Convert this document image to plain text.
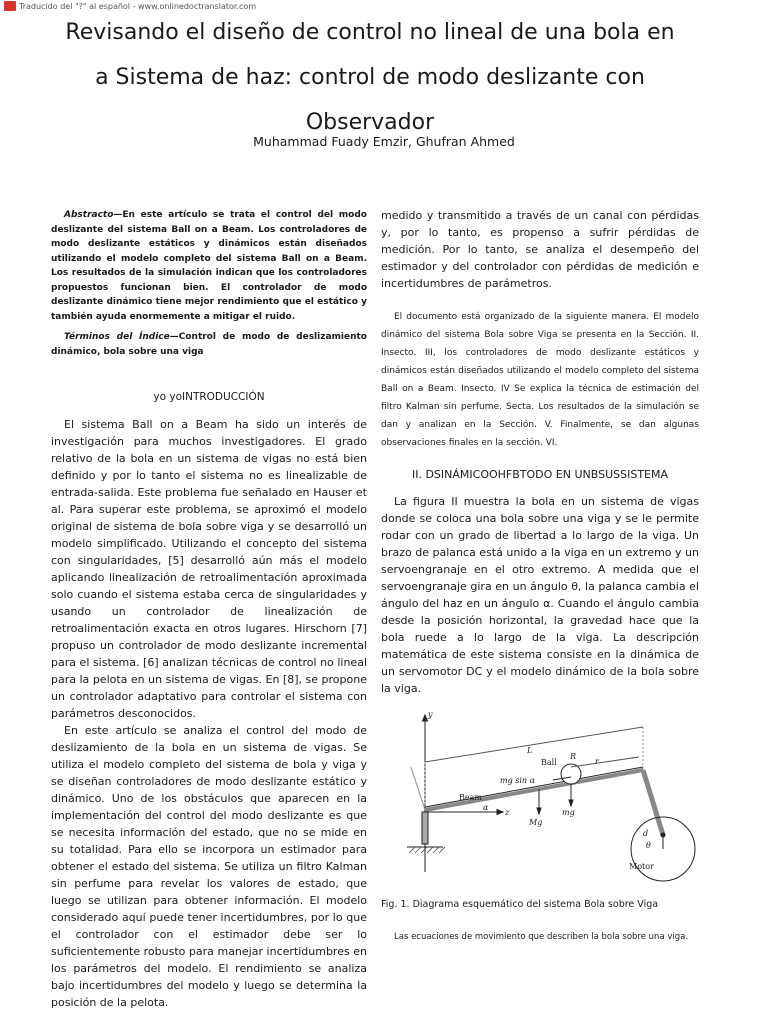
Traducido del "?" al español - www.onlinedoctranslator.com
Revisando el diseño de control no lineal de una bola en
a Sistema de haz: control de modo deslizante con
Observador
Muhammad Fuady Emzir, Ghufran Ahmed

Abstracto—En este artículo se trata el control del modo deslizante del sistema Ball on a Beam. Los controladores de modo deslizante estáticos y dinámicos están diseñados utilizando el modelo completo del sistema Ball on a Beam. Los resultados de la simulación indican que los controladores propuestos funcionan bien. El controlador de modo deslizante dinámico tiene mejor rendimiento que el estático y también ayuda enormemente a mitigar el ruido.

Términos del Índice—Control de modo de deslizamiento dinámico, bola sobre una viga

yo yoINTRODUCCIÓN

El sistema Ball on a Beam ha sido un interés de investigación para muchos investigadores. El grado relativo de la bola en un sistema de vigas no está bien definido y por lo tanto el sistema no es linealizable de entrada-salida. Este problema fue señalado en Hauser et al. Para superar este problema, se aproximó el modelo original de sistema de bola sobre viga y se desarrolló un modelo simplificado. Utilizando el concepto del sistema con singularidades, [5] desarrolló aún más el modelo aplicando linealización de retroalimentación aproximada solo cuando el sistema estaba cerca de singularidades y usando un controlador de linealización de retroalimentación exacta en otros lugares. Hirschorn [7] propuso un controlador de modo deslizante incremental para el sistema. [6] analizan técnicas de control no lineal para la pelota en un sistema de vigas. En [8], se propone un controlador adaptativo para controlar el sistema con parámetros desconocidos.

En este artículo se analiza el control del modo de deslizamiento de la bola en un sistema de vigas. Se utiliza el modelo completo del sistema de bola y viga y se diseñan controladores de modo deslizante estático y dinámico. Uno de los obstáculos que aparecen en la implementación del control del modo deslizante es que se necesita información del estado, que no se mide en su totalidad. Para ello se incorpora un estimador para obtener el estado del sistema. Se utiliza un filtro Kalman sin perfume para revelar los valores de estado, que luego se utilizan para obtener información. El modelo considerado aquí puede tener incertidumbres, por lo que el controlador con el estimador debe ser lo suficientemente robusto para manejar incertidumbres en los parámetros del modelo. El rendimiento se analiza bajo incertidumbres del modelo y luego se determina la posición de la pelota.

medido y transmitido a través de un canal con pérdidas y, por lo tanto, es propenso a sufrir pérdidas de medición. Por lo tanto, se analiza el desempeño del estimador y del controlador con pérdidas de medición e incertidumbres de parámetros.

El documento está organizado de la siguiente manera. El modelo dinámico del sistema Bola sobre Viga se presenta en la Sección. II. Insecto. III, los controladores de modo deslizante estáticos y dinámicos están diseñados utilizando el modelo completo del sistema Ball on a Beam. Insecto. IV Se explica la técnica de estimación del filtro Kalman sin perfume. Secta. Los resultados de la simulación se dan y analizan en la Sección. V. Finalmente, se dan algunas observaciones finales en la sección. VI.

II. DSINÁMICOOHFBTODO EN UNBSUSSISTEMA

La figura II muestra la bola en un sistema de vigas donde se coloca una bola sobre una viga y se le permite rodar con un grado de libertad a lo largo de la viga. Un brazo de palanca está unido a la viga en un extremo y un servoengranaje en el otro extremo. A medida que el servoengranaje gira en un ángulo θ, la palanca cambia el ángulo del haz en un ángulo α. Cuando el ángulo cambia desde la posición horizontal, la gravedad hace que la bola ruede a lo largo de la viga. La descripción matemática de este sistema consiste en la dinámica de un servomotor DC y el modelo dinámico de la bola sobre la viga.

y
L
Ball
R
r
mg sin α
Beam
α
z	mg
Mg
d
θ
Motor
Fig. 1. Diagrama esquemático del sistema Bola sobre Viga
Las ecuaciones de movimiento que describen la bola sobre una viga.
